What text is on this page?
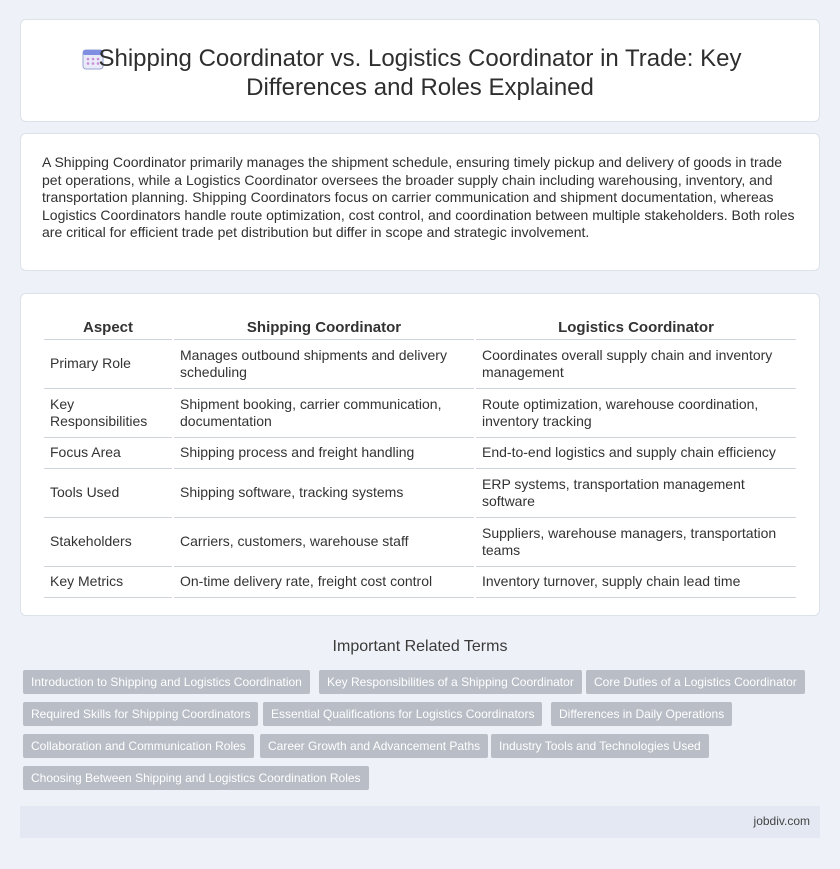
Shipping Coordinator vs. Logistics Coordinator in Trade: Key
Differences and Roles Explained

A Shipping Coordinator primarily manages the shipment schedule, ensuring timely pickup and delivery of goods in trade pet operations, while a Logistics Coordinator oversees the broader supply chain including warehousing, inventory, and transportation planning. Shipping Coordinators focus on carrier communication and shipment documentation, whereas Logistics Coordinators handle route optimization, cost control, and coordination between multiple stakeholders. Both roles are critical for efficient trade pet distribution but differ in scope and strategic involvement.

Aspect	Shipping Coordinator	Logistics Coordinator
Primary Role	Manages outbound shipments and delivery scheduling	Coordinates overall supply chain and inventory management
Key Responsibilities	Shipment booking, carrier communication, documentation	Route optimization, warehouse coordination, inventory tracking
Focus Area	Shipping process and freight handling	End-to-end logistics and supply chain efficiency
Tools Used	Shipping software, tracking systems	ERP systems, transportation management software
Stakeholders	Carriers, customers, warehouse staff	Suppliers, warehouse managers, transportation teams
Key Metrics	On-time delivery rate, freight cost control	Inventory turnover, supply chain lead time
Important Related Terms
Introduction to Shipping and Logistics Coordination	Key Responsibilities of a Shipping Coordinator	Core Duties of a Logistics Coordinator
Required Skills for Shipping Coordinators	Essential Qualifications for Logistics Coordinators	Differences in Daily Operations
Collaboration and Communication Roles	Career Growth and Advancement Paths	Industry Tools and Technologies Used
Choosing Between Shipping and Logistics Coordination Roles
jobdiv.com
